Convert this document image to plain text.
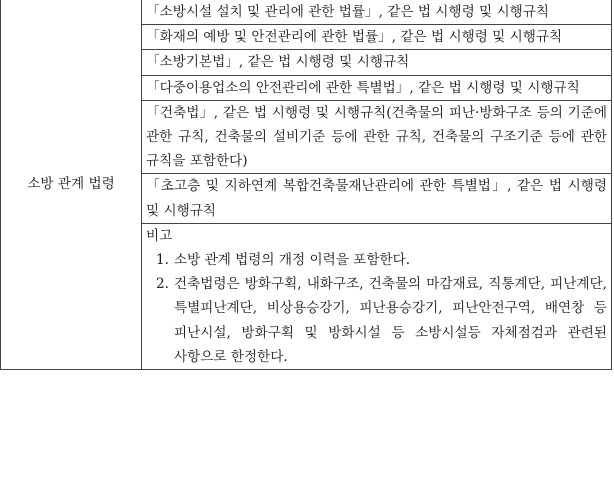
소방 관계 법령	「소방시설 설치 및 관리에 관한 법률」, 같은 법 시행령 및 시행규칙
「화재의 예방 및 안전관리에 관한 법률」, 같은 법 시행령 및 시행규칙
「소방기본법」, 같은 법 시행령 및 시행규칙
「다중이용업소의 안전관리에 관한 특별법」, 같은 법 시행령 및 시행규칙
「건축법」, 같은 법 시행령 및 시행규칙(건축물의 피난·방화구조 등의 기준에 관한 규칙, 건축물의 설비기준 등에 관한 규칙, 건축물의 구조기준 등에 관한 규칙을 포함한다)
「초고층 및 지하연계 복합건축물재난관리에 관한 특별법」, 같은 법 시행령 및 시행규칙

비고
1. 소방 관계 법령의 개정 이력을 포함한다.
2. 건축법령은 방화구획, 내화구조, 건축물의 마감재료, 직통계단, 피난계단, 특별피난계단, 비상용승강기, 피난용승강기, 피난안전구역, 배연창 등 피난시설, 방화구획 및 방화시설 등 소방시설등 자체점검과 관련된 사항으로 한정한다.
